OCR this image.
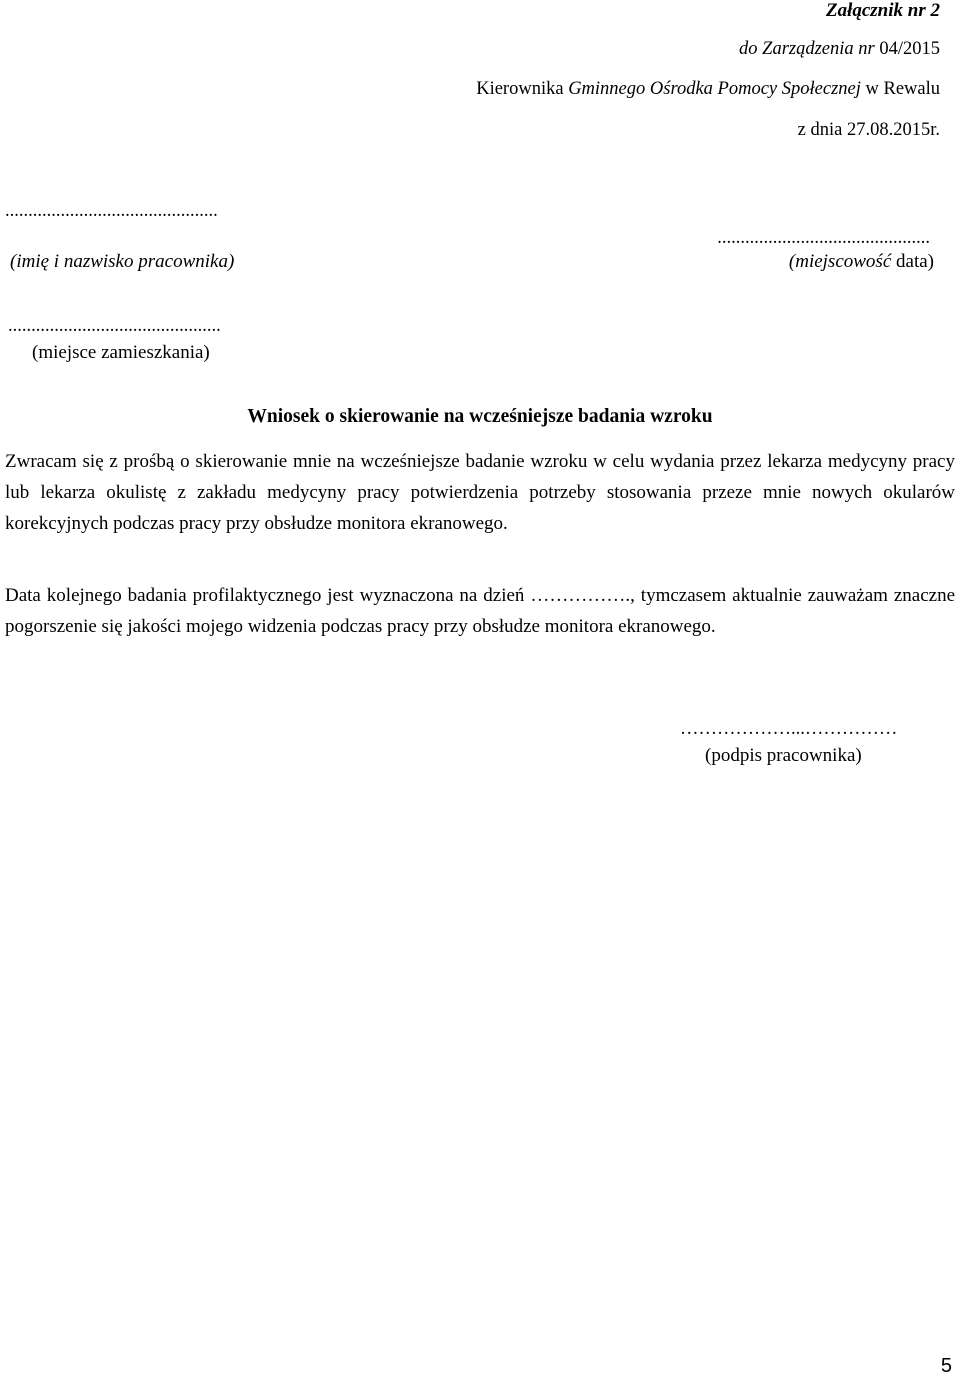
Załącznik nr 2
do Zarządzenia nr 04/2015
Kierownika Gminnego Ośrodka Pomocy Społecznej w Rewalu
z dnia 27.08.2015r.
..............................................
(imię i nazwisko pracownika)
..............................................
(miejscowość data)
..............................................
(miejsce zamieszkania)
Wniosek o skierowanie na wcześniejsze badania wzroku

Zwracam się z prośbą o skierowanie mnie na wcześniejsze badanie wzroku w celu wydania przez lekarza medycyny pracy lub lekarza okulistę z zakładu medycyny pracy potwierdzenia potrzeby stosowania przeze mnie nowych okularów korekcyjnych podczas pracy przy obsłudze monitora ekranowego.

Data kolejnego badania profilaktycznego jest wyznaczona na dzień ……………., tymczasem aktualnie zauważam znaczne pogorszenie się jakości mojego widzenia podczas pracy przy obsłudze monitora ekranowego.

………………...……………
(podpis pracownika)
5
